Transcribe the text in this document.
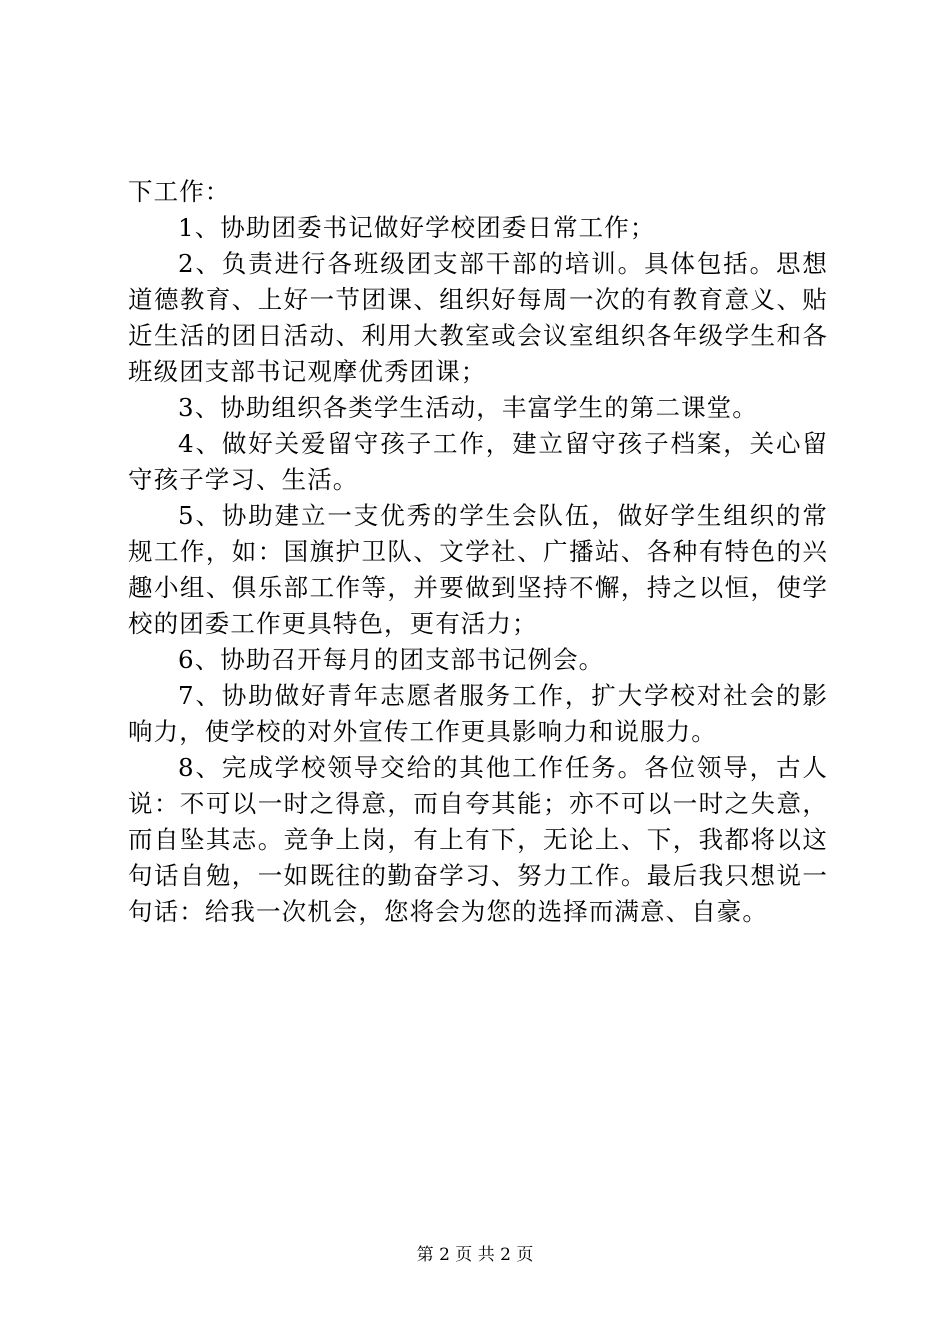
下工作：

1、协助团委书记做好学校团委日常工作；

2、负责进行各班级团支部干部的培训。具体包括。思想道德教育、上好一节团课、组织好每周一次的有教育意义、贴近生活的团日活动、利用大教室或会议室组织各年级学生和各班级团支部书记观摩优秀团课；

3、协助组织各类学生活动，丰富学生的第二课堂。

4、做好关爱留守孩子工作，建立留守孩子档案，关心留守孩子学习、生活。

5、协助建立一支优秀的学生会队伍，做好学生组织的常规工作，如：国旗护卫队、文学社、广播站、各种有特色的兴趣小组、俱乐部工作等，并要做到坚持不懈，持之以恒，使学校的团委工作更具特色，更有活力；

6、协助召开每月的团支部书记例会。

7、协助做好青年志愿者服务工作，扩大学校对社会的影响力，使学校的对外宣传工作更具影响力和说服力。

8、完成学校领导交给的其他工作任务。各位领导，古人说：不可以一时之得意，而自夸其能；亦不可以一时之失意，而自坠其志。竞争上岗，有上有下，无论上、下，我都将以这句话自勉，一如既往的勤奋学习、努力工作。最后我只想说一句话：给我一次机会，您将会为您的选择而满意、自豪。

第 2 页 共 2 页
